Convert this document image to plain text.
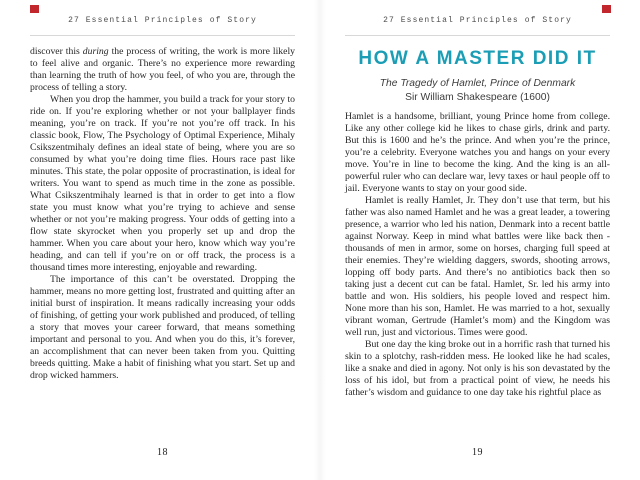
27 Essential Principles of Story

discover this during the process of writing, the work is more likely to feel alive and organic. There’s no experience more rewarding than learning the truth of how you feel, of who you are, through the process of telling a story.

When you drop the hammer, you build a track for your story to ride on. If you’re exploring whether or not your ballplayer finds meaning, you’re on track. If you’re not you’re off track. In his classic book, Flow, The Psychology of Optimal Experience, Mihaly Csikszentmihaly defines an ideal state of being, where you are so consumed by what you’re doing time flies. Hours race past like minutes. This state, the polar opposite of procrastination, is ideal for writers. You want to spend as much time in the zone as possible. What Csikszentmihaly learned is that in order to get into a flow state you must know what you’re trying to achieve and sense whether or not you’re making progress. Your odds of getting into a flow state skyrocket when you properly set up and drop the hammer. When you care about your hero, know which way you’re heading, and can tell if you’re on or off track, the process is a thousand times more interesting, enjoyable and rewarding.

The importance of this can’t be overstated. Dropping the hammer, means no more getting lost, frustrated and quitting after an initial burst of inspiration. It means radically increasing your odds of finishing, of getting your work published and produced, of telling a story that moves your career forward, that means something important and personal to you. And when you do this, it’s forever, an accomplishment that can never been taken from you. Quitting breeds quitting. Make a habit of finishing what you start. Set up and drop wicked hammers.

18
27 Essential Principles of Story
HOW A MASTER DID IT
The Tragedy of Hamlet, Prince of Denmark
Sir William Shakespeare (1600)

Hamlet is a handsome, brilliant, young Prince home from college. Like any other college kid he likes to chase girls, drink and party. But this is 1600 and he’s the prince. And when you’re the prince, you’re a celebrity. Everyone watches you and hangs on your every move. You’re in line to become the king. And the king is an all-powerful ruler who can declare war, levy taxes or haul people off to jail. Everyone wants to stay on your good side.

Hamlet is really Hamlet, Jr. They don’t use that term, but his father was also named Hamlet and he was a great leader, a towering presence, a warrior who led his nation, Denmark into a recent battle against Norway. Keep in mind what battles were like back then - thousands of men in armor, some on horses, charging full speed at their enemies. They’re wielding daggers, swords, shooting arrows, lopping off body parts. And there’s no antibiotics back then so taking just a decent cut can be fatal. Hamlet, Sr. led his army into battle and won. His soldiers, his people loved and respect him. None more than his son, Hamlet. He was married to a hot, sexually vibrant woman, Gertrude (Hamlet’s mom) and the Kingdom was well run, just and victorious. Times were good.

But one day the king broke out in a horrific rash that turned his skin to a splotchy, rash-ridden mess. He looked like he had scales, like a snake and died in agony. Not only is his son devastated by the loss of his idol, but from a practical point of view, he needs his father’s wisdom and guidance to one day take his rightful place as

19
